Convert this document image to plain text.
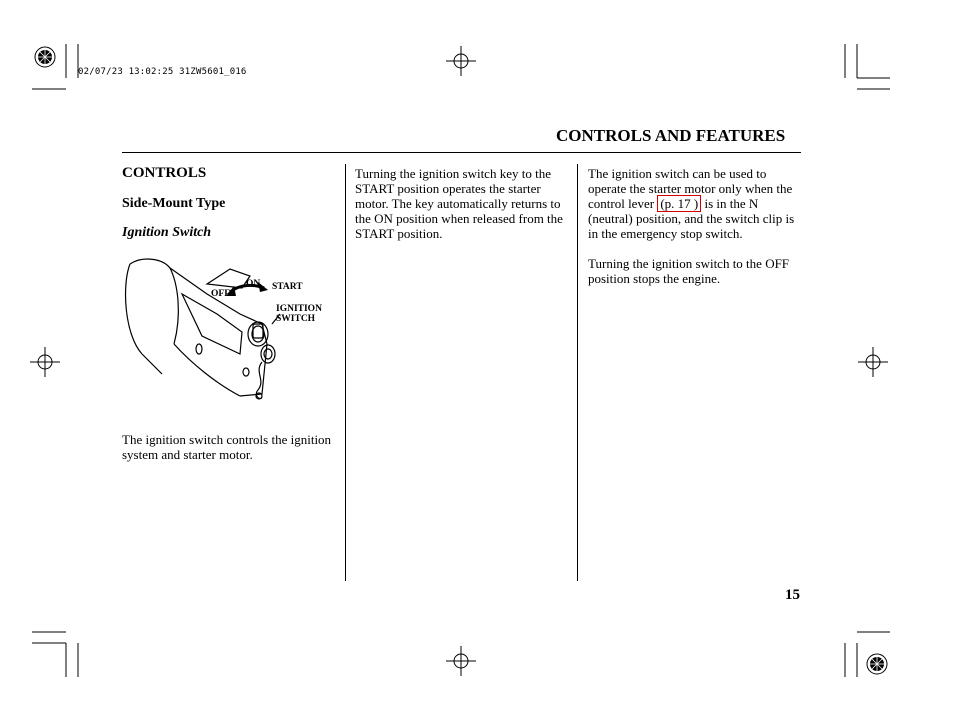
02/07/23 13:02:25 31ZW5601_016
CONTROLS AND FEATURES
CONTROLS
Side-Mount Type
Ignition Switch
ON
OFF
START
IGNITION
SWITCH
The ignition switch controls the ignition system and starter motor.
Turning the ignition switch key to the START position operates the starter motor. The key automatically returns to the ON position when released from the START position.
The ignition switch can be used to operate the starter motor only when the control lever (p. 17 ) is in the N (neutral) position, and the switch clip is in the emergency stop switch.
Turning the ignition switch to the OFF position stops the engine.
15
